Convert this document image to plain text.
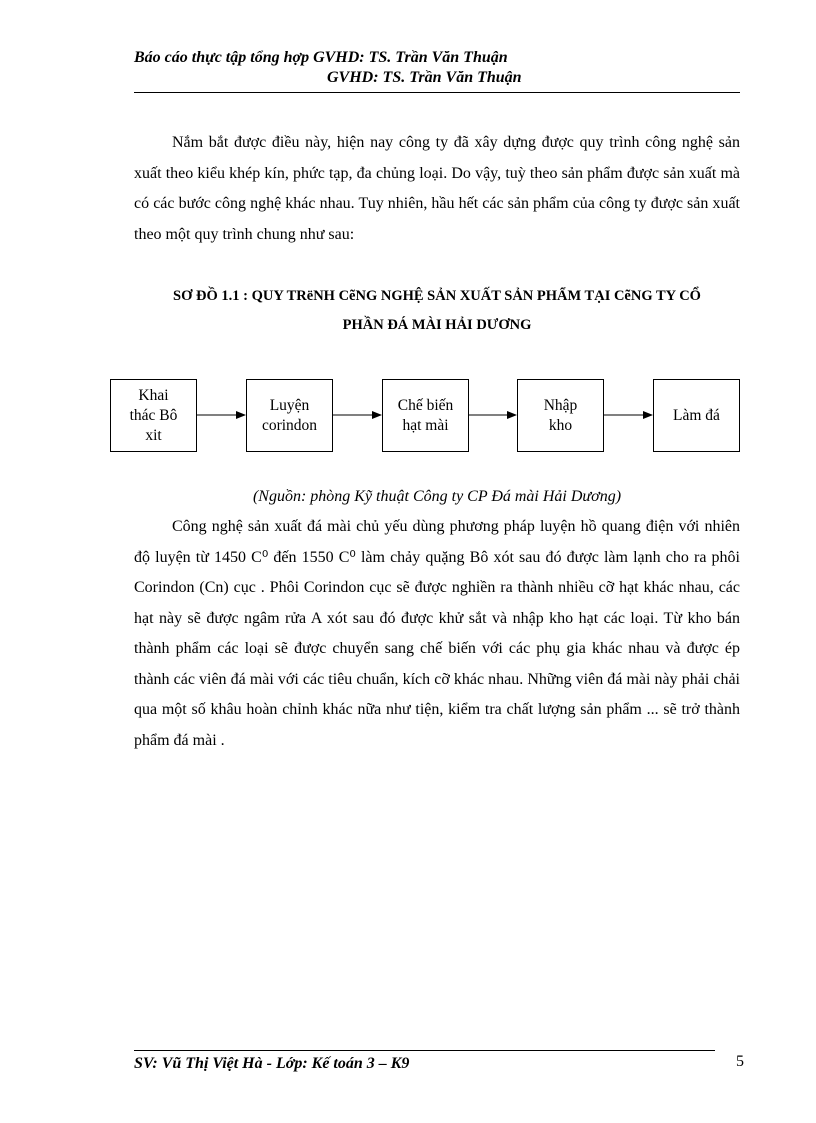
Báo cáo thực tập tổng hợp GVHD: TS. Trần Văn Thuận
GVHD: TS. Trần Văn Thuận

Nắm bắt được điều này, hiện nay công ty đã xây dựng được quy trình công nghệ sản xuất theo kiểu khép kín, phức tạp, đa chủng loại. Do vậy, tuỳ theo sản phẩm được sản xuất mà có các bước công nghệ khác nhau. Tuy nhiên, hầu hết các sản phẩm của công ty được sản xuất theo một quy trình chung như sau:

SƠ ĐỒ 1.1 : QUY TRëNH CẽNG NGHỆ SẢN XUẤT SẢN PHẨM TẠI CẽNG TY CỔ
PHẦN ĐÁ MÀI HẢI DƯƠNG
Khai
thác Bô
xit
Luyện
corindon
Chế biến
hạt mài
Nhập
kho
Làm đá
(Nguồn: phòng Kỹ thuật Công ty CP Đá mài Hải Dương)

Công nghệ sản xuất đá mài chủ yếu dùng phương pháp luyện hồ quang điện với nhiên độ luyện từ 1450 C⁰ đến 1550 C⁰ làm chảy quặng Bô xót sau đó được làm lạnh cho ra phôi Corindon (Cn) cục . Phôi Corindon cục sẽ được nghiền ra thành nhiều cỡ hạt khác nhau, các hạt này sẽ được ngâm rửa A xót sau đó được khử sắt và nhập kho hạt các loại. Từ kho bán thành phẩm các loại sẽ được chuyển sang chế biến với các phụ gia khác nhau và được ép thành các viên đá mài với các tiêu chuẩn, kích cỡ khác nhau. Những viên đá mài này phải chải qua một số khâu hoàn chỉnh khác nữa như tiện, kiểm tra chất lượng sản phẩm ... sẽ trở thành phẩm đá mài .

SV: Vũ Thị Việt Hà - Lớp: Kế toán 3 – K9	5
